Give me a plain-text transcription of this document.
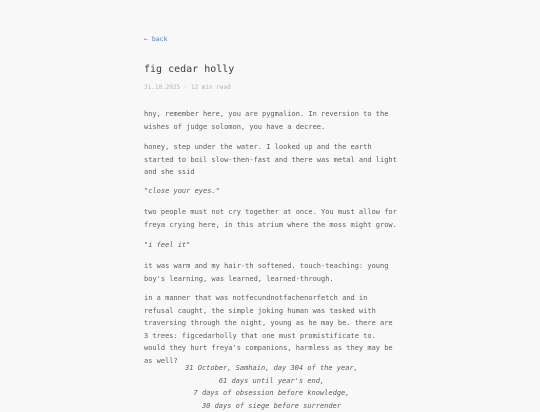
← back
fig cedar holly
31.10.2025 · 12 min read
hny, remember here, you are pygmalion. In reversion to the wishes of judge solomon, you have a decree.
honey, step under the water. I looked up and the earth started to boil slow-then-fast and there was metal and light and she ssid
"close your eyes."
two people must not cry together at once. You must allow for freya crying here, in this atrium where the moss might grow.
"i feel it"
it was warm and my hair-th softened. touch-teaching: young boy's learning, was learned, learned-through.
in a manner that was notfecundnotfachenorfetch and in refusal caught, the simple joking human was tasked with traversing through the night, young as he may be. there are 3 trees: figcedarholly that one must promistificate to. would they hurt freya's companions, harmless as they may be as well?
31 October, Samhain, day 304 of the year,
61 days until year's end,
7 days of obsession before knowledge,
30 days of siege before surrender
